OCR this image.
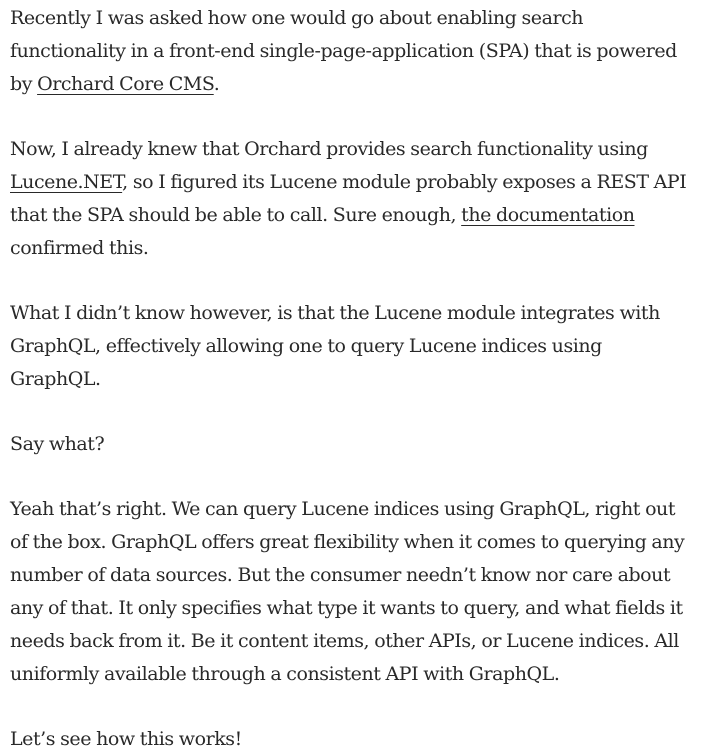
Recently I was asked how one would go about enabling search functionality in a front-end single-page-application (SPA) that is powered by Orchard Core CMS.

Now, I already knew that Orchard provides search functionality using Lucene.NET, so I figured its Lucene module probably exposes a REST API that the SPA should be able to call. Sure enough, the documentation confirmed this.

What I didn’t know however, is that the Lucene module integrates with GraphQL, effectively allowing one to query Lucene indices using GraphQL.

Say what?

Yeah that’s right. We can query Lucene indices using GraphQL, right out of the box. GraphQL offers great flexibility when it comes to querying any number of data sources. But the consumer needn’t know nor care about any of that. It only specifies what type it wants to query, and what fields it needs back from it. Be it content items, other APIs, or Lucene indices. All uniformly available through a consistent API with GraphQL.

Let’s see how this works!
